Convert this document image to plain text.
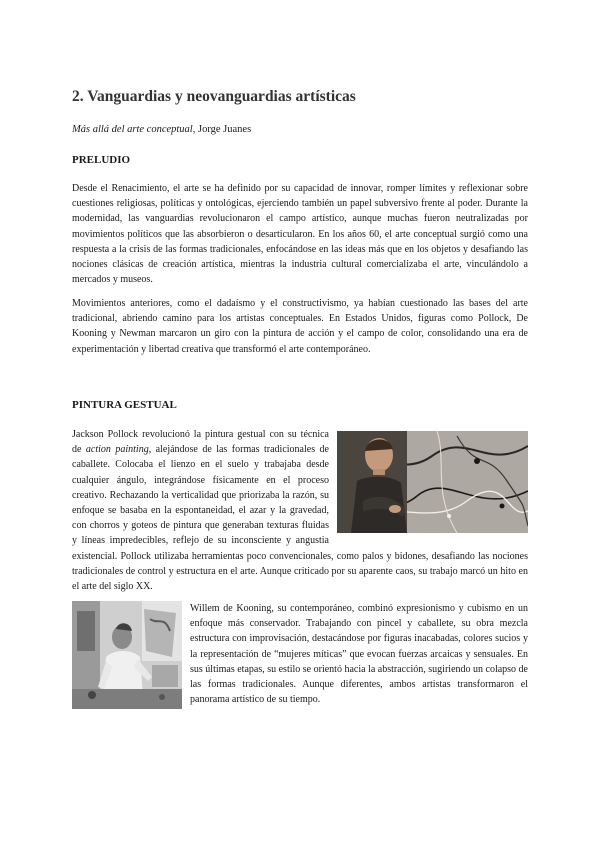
2. Vanguardias y neovanguardias artísticas

Más allá del arte conceptual, Jorge Juanes

PRELUDIO

Desde el Renacimiento, el arte se ha definido por su capacidad de innovar, romper límites y reflexionar sobre cuestiones religiosas, políticas y ontológicas, ejerciendo también un papel subversivo frente al poder. Durante la modernidad, las vanguardias revolucionaron el campo artístico, aunque muchas fueron neutralizadas por movimientos políticos que las absorbieron o desarticularon. En los años 60, el arte conceptual surgió como una respuesta a la crisis de las formas tradicionales, enfocándose en las ideas más que en los objetos y desafiando las nociones clásicas de creación artística, mientras la industria cultural comercializaba el arte, vinculándolo a mercados y museos.

Movimientos anteriores, como el dadaísmo y el constructivismo, ya habían cuestionado las bases del arte tradicional, abriendo camino para los artistas conceptuales. En Estados Unidos, figuras como Pollock, De Kooning y Newman marcaron un giro con la pintura de acción y el campo de color, consolidando una era de experimentación y libertad creativa que transformó el arte contemporáneo.

PINTURA GESTUAL
Jackson Pollock revolucionó la pintura gestual con su técnica de action painting, alejándose de las formas tradicionales de caballete. Colocaba el lienzo en el suelo y trabajaba desde cualquier ángulo, integrándose físicamente en el proceso creativo. Rechazando la verticalidad que priorizaba la razón, su enfoque se basaba en la espontaneidad, el azar y la gravedad, con chorros y goteos de pintura que generaban texturas fluidas y líneas impredecibles, reflejo de su inconsciente y angustia existencial. Pollock utilizaba herramientas poco convencionales, como palos y bidones, desafiando las nociones tradicionales de control y estructura en el arte. Aunque criticado por su aparente caos, su trabajo marcó un hito en el arte del siglo XX.
Willem de Kooning, su contemporáneo, combinó expresionismo y cubismo en un enfoque más conservador. Trabajando con pincel y caballete, su obra mezcla estructura con improvisación, destacándose por figuras inacabadas, colores sucios y la representación de “mujeres míticas” que evocan fuerzas arcaicas y sensuales. En sus últimas etapas, su estilo se orientó hacia la abstracción, sugiriendo un colapso de las formas tradicionales. Aunque diferentes, ambos artistas transformaron el panorama artístico de su tiempo.
